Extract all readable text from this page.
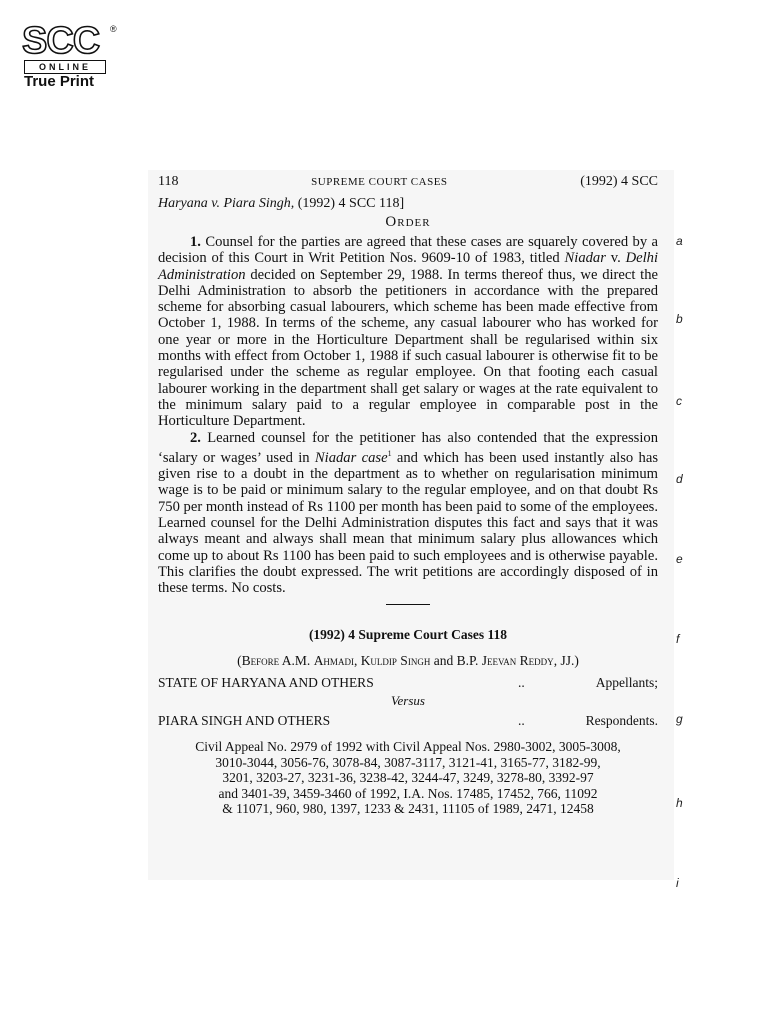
SCC ®
ONLINE
True Print
118	SUPREME COURT CASES	(1992) 4 SCC
Haryana v. Piara Singh, (1992) 4 SCC 118]
Order

1. Counsel for the parties are agreed that these cases are squarely covered by a decision of this Court in Writ Petition Nos. 9609-10 of 1983, titled Niadar v. Delhi Administration decided on September 29, 1988. In terms thereof thus, we direct the Delhi Administration to absorb the petitioners in accordance with the prepared scheme for absorbing casual labourers, which scheme has been made effective from October 1, 1988. In terms of the scheme, any casual labourer who has worked for one year or more in the Horticulture Department shall be regularised within six months with effect from October 1, 1988 if such casual labourer is otherwise fit to be regularised under the scheme as regular employee. On that footing each casual labourer working in the department shall get salary or wages at the rate equivalent to the minimum salary paid to a regular employee in comparable post in the Horticulture Department.

2. Learned counsel for the petitioner has also contended that the expression ‘salary or wages’ used in Niadar case$^1$ and which has been used instantly also has given rise to a doubt in the department as to whether on regularisation minimum wage is to be paid or minimum salary to the regular employee, and on that doubt Rs 750 per month instead of Rs 1100 per month has been paid to some of the employees. Learned counsel for the Delhi Administration disputes this fact and says that it was always meant and always shall mean that minimum salary plus allowances which come up to about Rs 1100 has been paid to such employees and is otherwise payable. This clarifies the doubt expressed. The writ petitions are accordingly disposed of in these terms. No costs.

(1992) 4 Supreme Court Cases 118
(Before A.M. Ahmadi, Kuldip Singh and B.P. Jeevan Reddy, JJ.)
STATE OF HARYANA AND OTHERS	..	Appellants;
Versus
PIARA SINGH AND OTHERS	..	Respondents.
Civil Appeal No. 2979 of 1992 with Civil Appeal Nos. 2980-3002, 3005-3008,
3010-3044, 3056-76, 3078-84, 3087-3117, 3121-41, 3165-77, 3182-99,
3201, 3203-27, 3231-36, 3238-42, 3244-47, 3249, 3278-80, 3392-97
and 3401-39, 3459-3460 of 1992, I.A. Nos. 17485, 17452, 766, 11092
& 11071, 960, 980, 1397, 1233 & 2431, 11105 of 1989, 2471, 12458
a
b
c
d
e
f
g
h
i
